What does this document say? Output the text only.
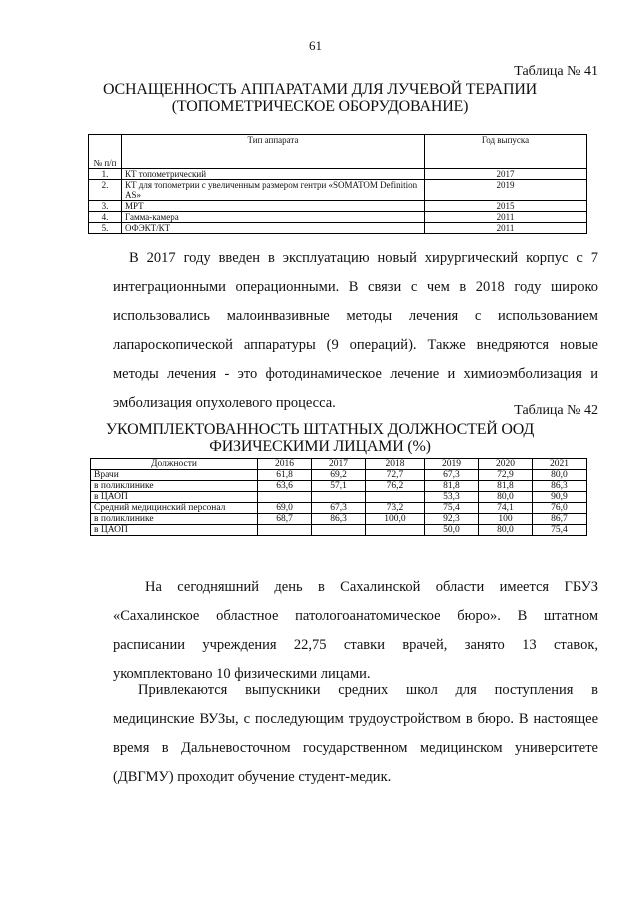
61
Таблица № 41
ОСНАЩЕННОСТЬ АППАРАТАМИ ДЛЯ ЛУЧЕВОЙ ТЕРАПИИ
(ТОПОМЕТРИЧЕСКОЕ ОБОРУДОВАНИЕ)
№ п/п	Тип аппарата	Год выпуска
1.	КТ топометрический	2017
2.	КТ для топометрии с увеличенным размером гентри «SOMATOM Definition AS»	2019
3.	МРТ	2015
4.	Гамма-камера	2011
5.	ОФЭКТ/КТ	2011
В 2017 году введен в эксплуатацию новый хирургический корпус с 7 интеграционными операционными. В связи с чем в 2018 году широко использовались малоинвазивные методы лечения с использованием лапароскопической аппаратуры (9 операций). Также внедряются новые методы лечения - это фотодинамическое лечение и химиоэмболизация и эмболизация опухолевого процесса.	Таблица № 42
УКОМПЛЕКТОВАННОСТЬ ШТАТНЫХ ДОЛЖНОСТЕЙ ООД
ФИЗИЧЕСКИМИ ЛИЦАМИ (%)
Должности	2016	2017	2018	2019	2020	2021
Врачи	61,8	69,2	72,7	67,3	72,9	80,0
в поликлинике	63,6	57,1	76,2	81,8	81,8	86,3
в ЦАОП				53,3	80,0	90,9
Средний медицинский персонал	69,0	67,3	73,2	75,4	74,1	76,0
в поликлинике	68,7	86,3	100,0	92,3	100	86,7
в ЦАОП				50,0	80,0	75,4
На сегодняшний день в Сахалинской области имеется ГБУЗ «Сахалинское областное патологоанатомическое бюро». В штатном расписании учреждения 22,75 ставки врачей, занято 13 ставок, укомплектовано 10 физическими лицами.
Привлекаются выпускники средних школ для поступления в медицинские ВУЗы, с последующим трудоустройством в бюро. В настоящее время в Дальневосточном государственном медицинском университете (ДВГМУ) проходит обучение студент-медик.
